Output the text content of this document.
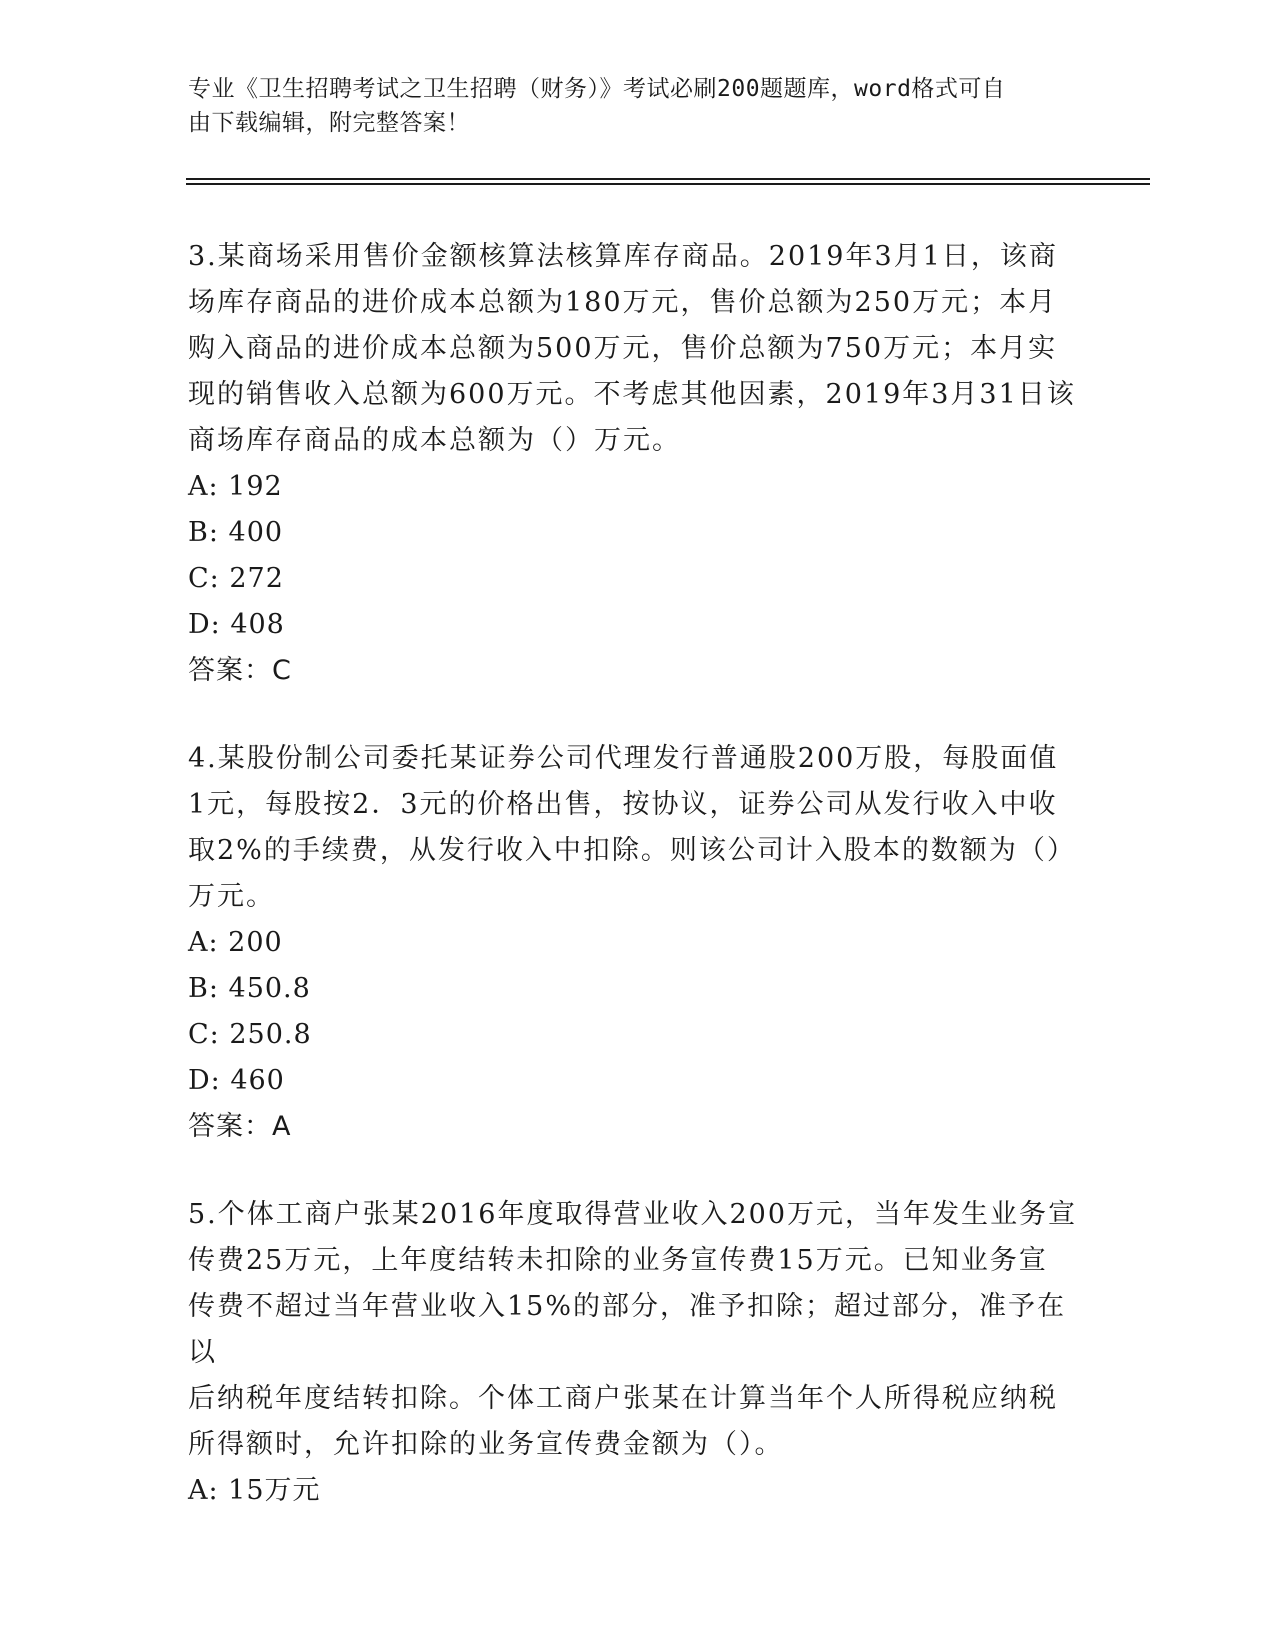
专业《卫生招聘考试之卫生招聘（财务）》考试必刷200题题库，word格式可自
由下载编辑，附完整答案！

3.某商场采用售价金额核算法核算库存商品。2019年3月1日，该商

场库存商品的进价成本总额为180万元，售价总额为250万元；本月

购入商品的进价成本总额为500万元，售价总额为750万元；本月实

现的销售收入总额为600万元。不考虑其他因素，2019年3月31日该

商场库存商品的成本总额为（）万元。

A: 192

B: 400

C: 272

D: 408

答案：C

4.某股份制公司委托某证券公司代理发行普通股200万股，每股面值

1元，每股按2．3元的价格出售，按协议，证券公司从发行收入中收

取2%的手续费，从发行收入中扣除。则该公司计入股本的数额为（）

万元。

A: 200

B: 450.8

C: 250.8

D: 460

答案：A

5.个体工商户张某2016年度取得营业收入200万元，当年发生业务宣

传费25万元，上年度结转未扣除的业务宣传费15万元。已知业务宣

传费不超过当年营业收入15%的部分，准予扣除；超过部分，准予在以

后纳税年度结转扣除。个体工商户张某在计算当年个人所得税应纳税

所得额时，允许扣除的业务宣传费金额为（）。

A: 15万元
